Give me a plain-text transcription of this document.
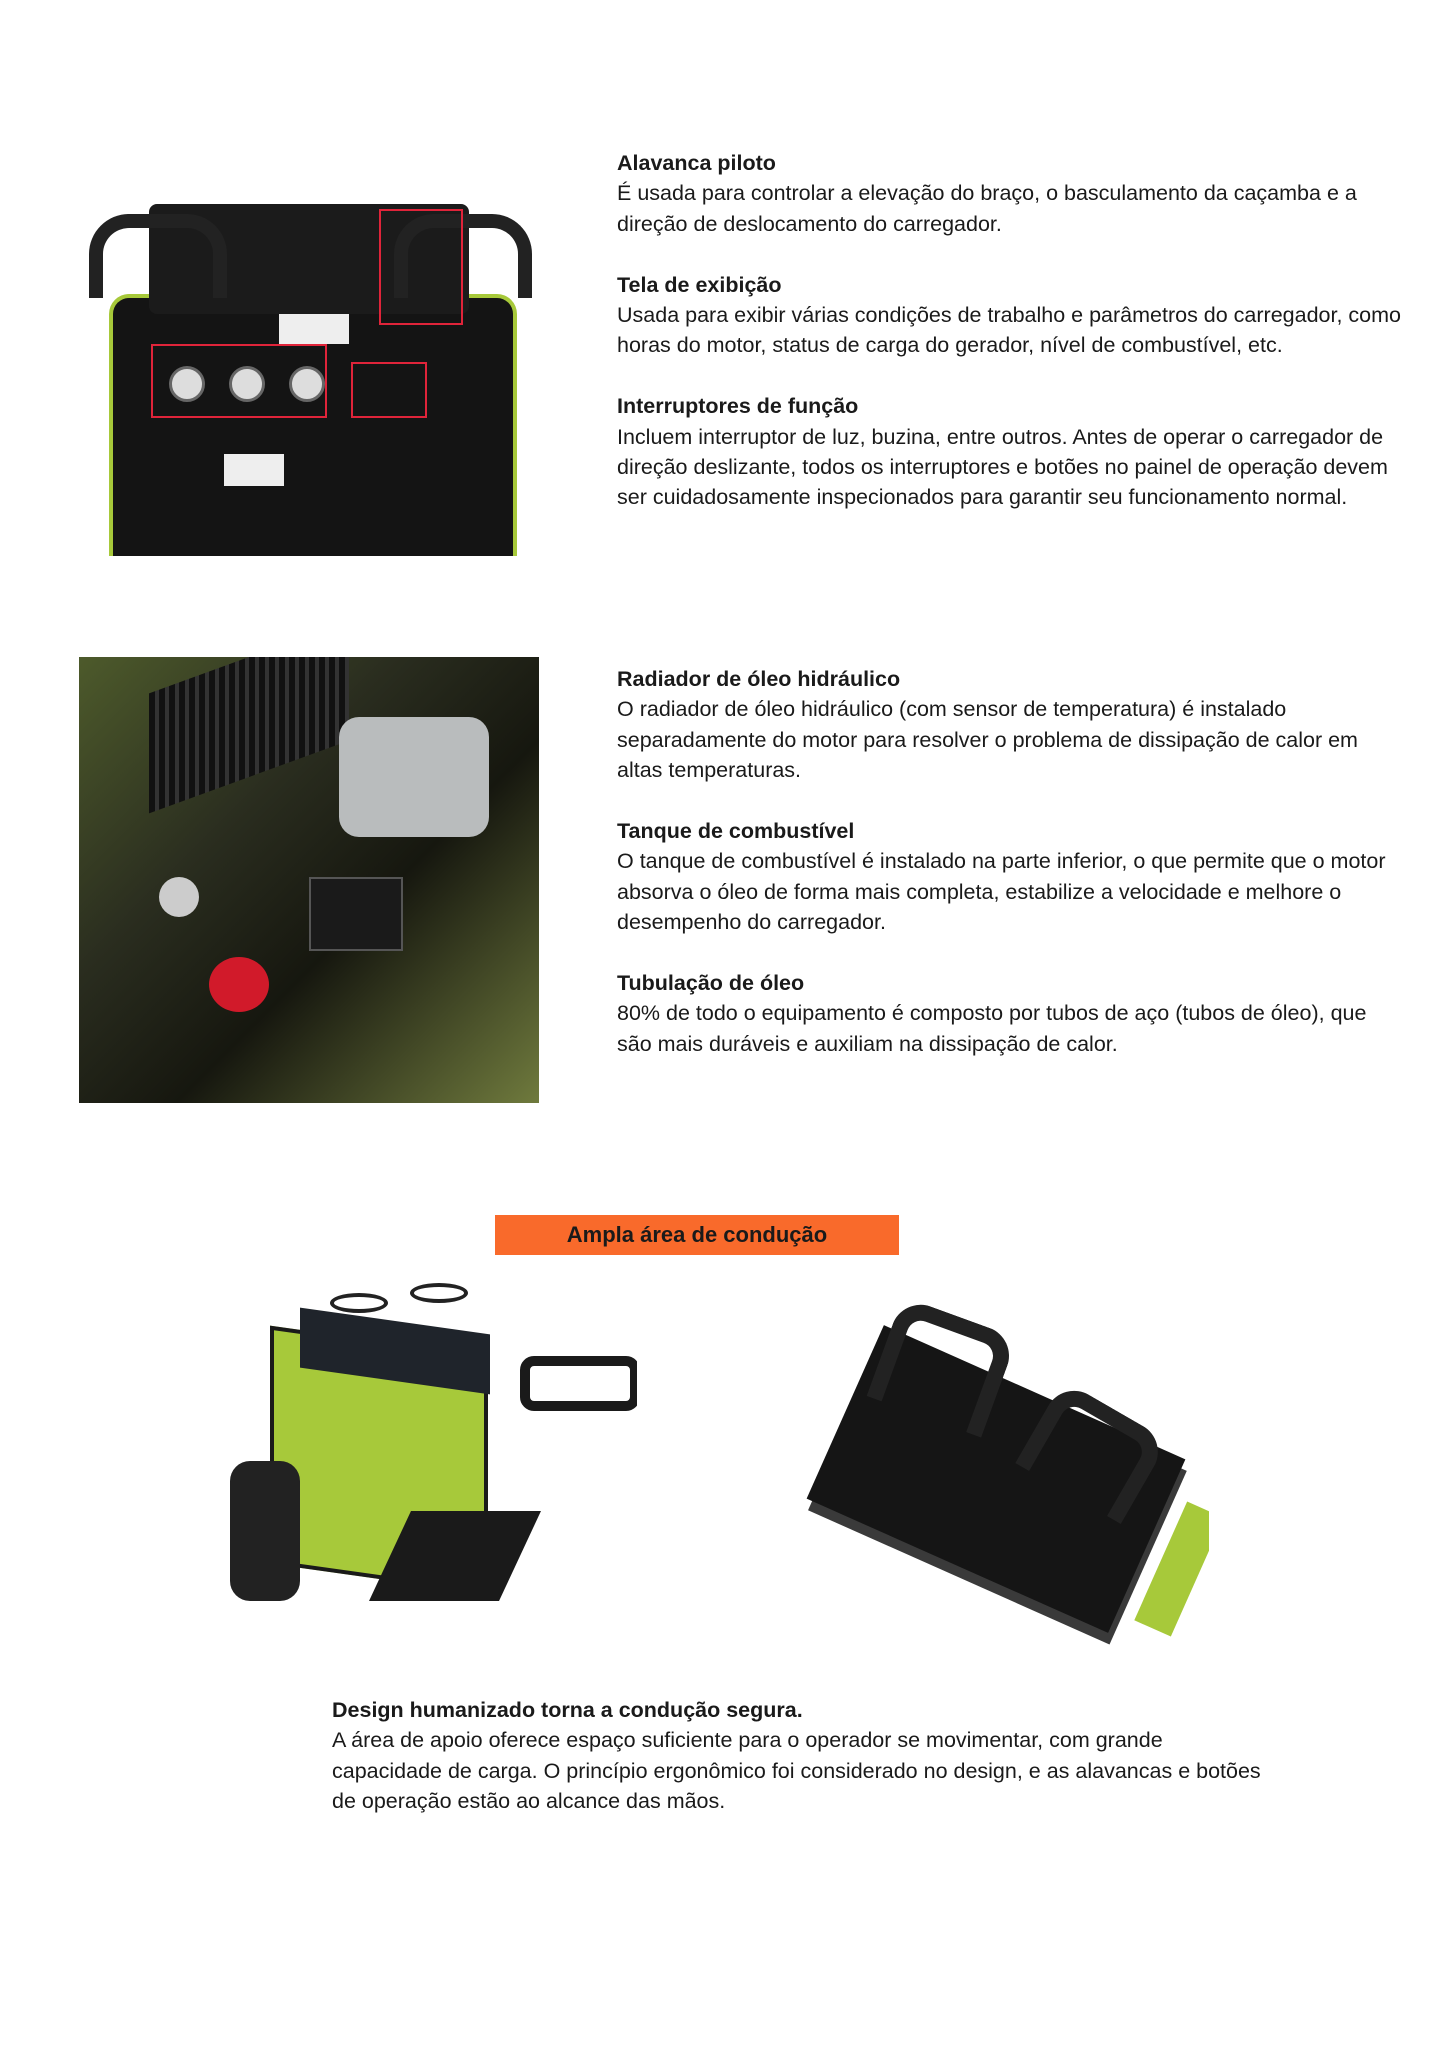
Alavanca piloto

É usada para controlar a elevação do braço, o basculamento da caçamba e a direção de deslocamento do carregador.

Tela de exibição

Usada para exibir várias condições de trabalho e parâmetros do carregador, como horas do motor, status de carga do gerador, nível de combustível, etc.

Interruptores de função

Incluem interruptor de luz, buzina, entre outros. Antes de operar o carregador de direção deslizante, todos os interruptores e botões no painel de operação devem ser cuidadosamente inspecionados para garantir seu funcionamento normal.

Radiador de óleo hidráulico

O radiador de óleo hidráulico (com sensor de temperatura) é instalado separadamente do motor para resolver o problema de dissipação de calor em altas temperaturas.

Tanque de combustível

O tanque de combustível é instalado na parte inferior, o que permite que o motor absorva o óleo de forma mais completa, estabilize a velocidade e melhore o desempenho do carregador.

Tubulação de óleo

80% de todo o equipamento é composto por tubos de aço (tubos de óleo), que são mais duráveis e auxiliam na dissipação de calor.

Ampla área de condução
Design humanizado torna a condução segura.

A área de apoio oferece espaço suficiente para o operador se movimentar, com grande capacidade de carga. O princípio ergonômico foi considerado no design, e as alavancas e botões de operação estão ao alcance das mãos.
